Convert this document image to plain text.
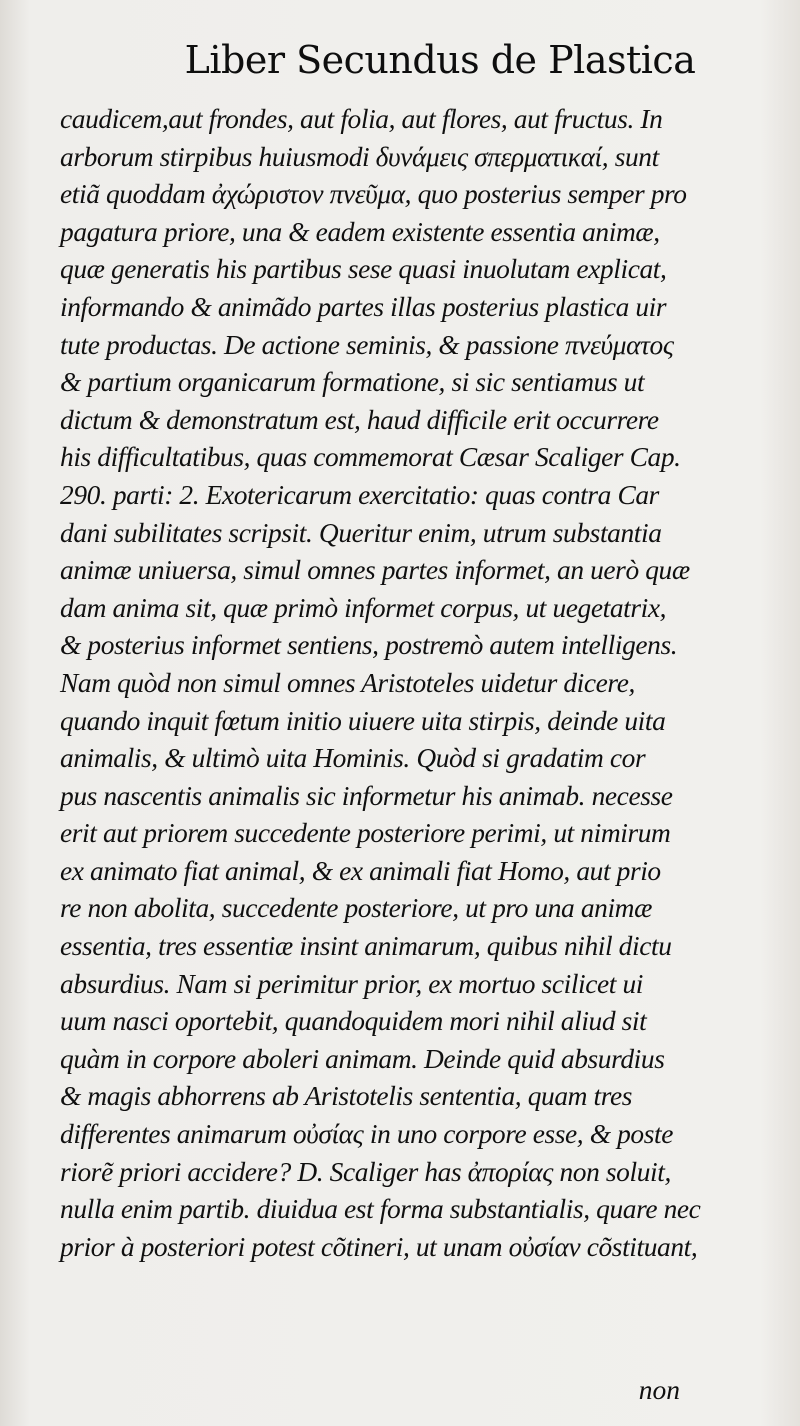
Liber Secundus de Plastica
caudicem,aut frondes, aut folia, aut flores, aut fructus. In
arborum stirpibus huiusmodi δυνάμεις σπερματικαί, sunt
etiã quoddam ἀχώριστον πνεῦμα, quo posterius semper pro
pagatura priore, una & eadem existente essentia animæ,
quæ generatis his partibus sese quasi inuolutam explicat,
informando & animãdo partes illas posterius plastica uir
tute productas. De actione seminis, & passione πνεύματος
& partium organicarum formatione, si sic sentiamus ut
dictum & demonstratum est, haud difficile erit occurrere
his difficultatibus, quas commemorat Cæsar Scaliger Cap.
290. parti: 2. Exotericarum exercitatio: quas contra Car
dani subilitates scripsit. Queritur enim, utrum substantia
animæ uniuersa, simul omnes partes informet, an uerò quæ
dam anima sit, quæ primò informet corpus, ut uegetatrix,
& posterius informet sentiens, postremò autem intelligens.
Nam quòd non simul omnes Aristoteles uidetur dicere,
quando inquit fœtum initio uiuere uita stirpis, deinde uita
animalis, & ultimò uita Hominis. Quòd si gradatim cor
pus nascentis animalis sic informetur his animab. necesse
erit aut priorem succedente posteriore perimi, ut nimirum
ex animato fiat animal, & ex animali fiat Homo, aut prio
re non abolita, succedente posteriore, ut pro una animæ
essentia, tres essentiæ insint animarum, quibus nihil dictu
absurdius. Nam si perimitur prior, ex mortuo scilicet ui
uum nasci oportebit, quandoquidem mori nihil aliud sit
quàm in corpore aboleri animam. Deinde quid absurdius
& magis abhorrens ab Aristotelis sententia, quam tres
differentes animarum οὐσίας in uno corpore esse, & poste
riorẽ priori accidere? D. Scaliger has ἀπορίας non soluit,
nulla enim partib. diuidua est forma substantialis, quare nec
prior à posteriori potest cõtineri, ut unam οὐσίαν cõstituant,
non
